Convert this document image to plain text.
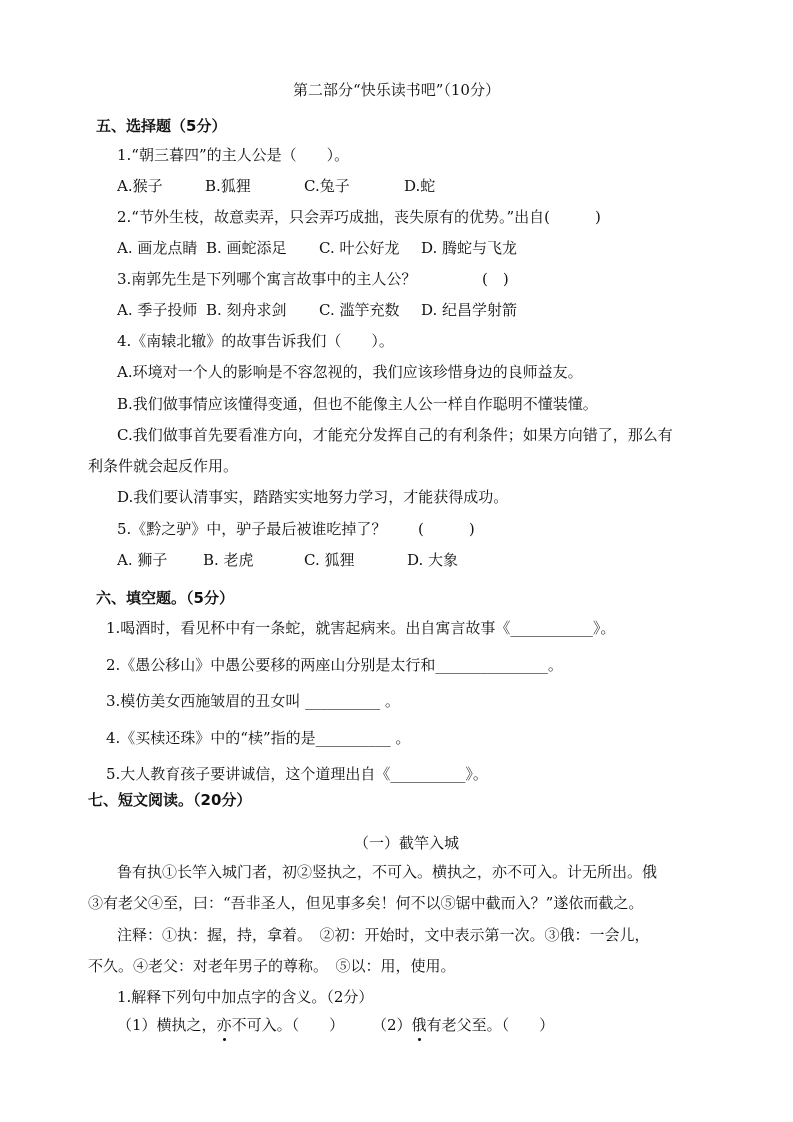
第二部分“快乐读书吧”（10分）
五、选择题（5分）
1.“朝三暮四”的主人公是（　　）。
A.猴子	B.狐狸	C.兔子	D.蛇
2.“节外生枝，故意卖弄，只会弄巧成拙，丧失原有的优势。”出自(　　　)
A. 画龙点睛 B. 画蛇添足 C. 叶公好龙 D. 腾蛇与飞龙
3.南郭先生是下列哪个寓言故事中的主人公？	(　)
A. 季子投师 B. 刻舟求剑 C. 滥竽充数 D. 纪昌学射箭
4.《南辕北辙》的故事告诉我们（　　）。
A.环境对一个人的影响是不容忽视的，我们应该珍惜身边的良师益友。
B.我们做事情应该懂得变通，但也不能像主人公一样自作聪明不懂装懂。
C.我们做事首先要看准方向，才能充分发挥自己的有利条件；如果方向错了，那么有
利条件就会起反作用。
D.我们要认清事实，踏踏实实地努力学习，才能获得成功。
5.《黔之驴》中，驴子最后被谁吃掉了？ (　　　)
A. 狮子 B. 老虎	C. 狐狸	D. 大象
六、填空题。（5分）
1.喝酒时，看见杯中有一条蛇，就害起病来。出自寓言故事《___________》。
2.《愚公移山》中愚公要移的两座山分别是太行和_______________。
3.模仿美女西施皱眉的丑女叫 __________ 。
4.《买椟还珠》中的“椟”指的是__________ 。
5.大人教育孩子要讲诚信，这个道理出自《__________》。
七、短文阅读。（20分）
（一）截竿入城
鲁有执①长竿入城门者，初②竖执之，不可入。横执之，亦不可入。计无所出。俄
③有老父④至，曰：“吾非圣人，但见事多矣！何不以⑤锯中截而入？”遂依而截之。
注释：①执：握，持，拿着。　②初：开始时，文中表示第一次。③俄：一会儿，
不久。④老父：对老年男子的尊称。　⑤以：用，使用。
1.解释下列句中加点字的含义。（2分）
（1）横执之，亦不可入。（　　） （2）俄有老父至。（　　）
